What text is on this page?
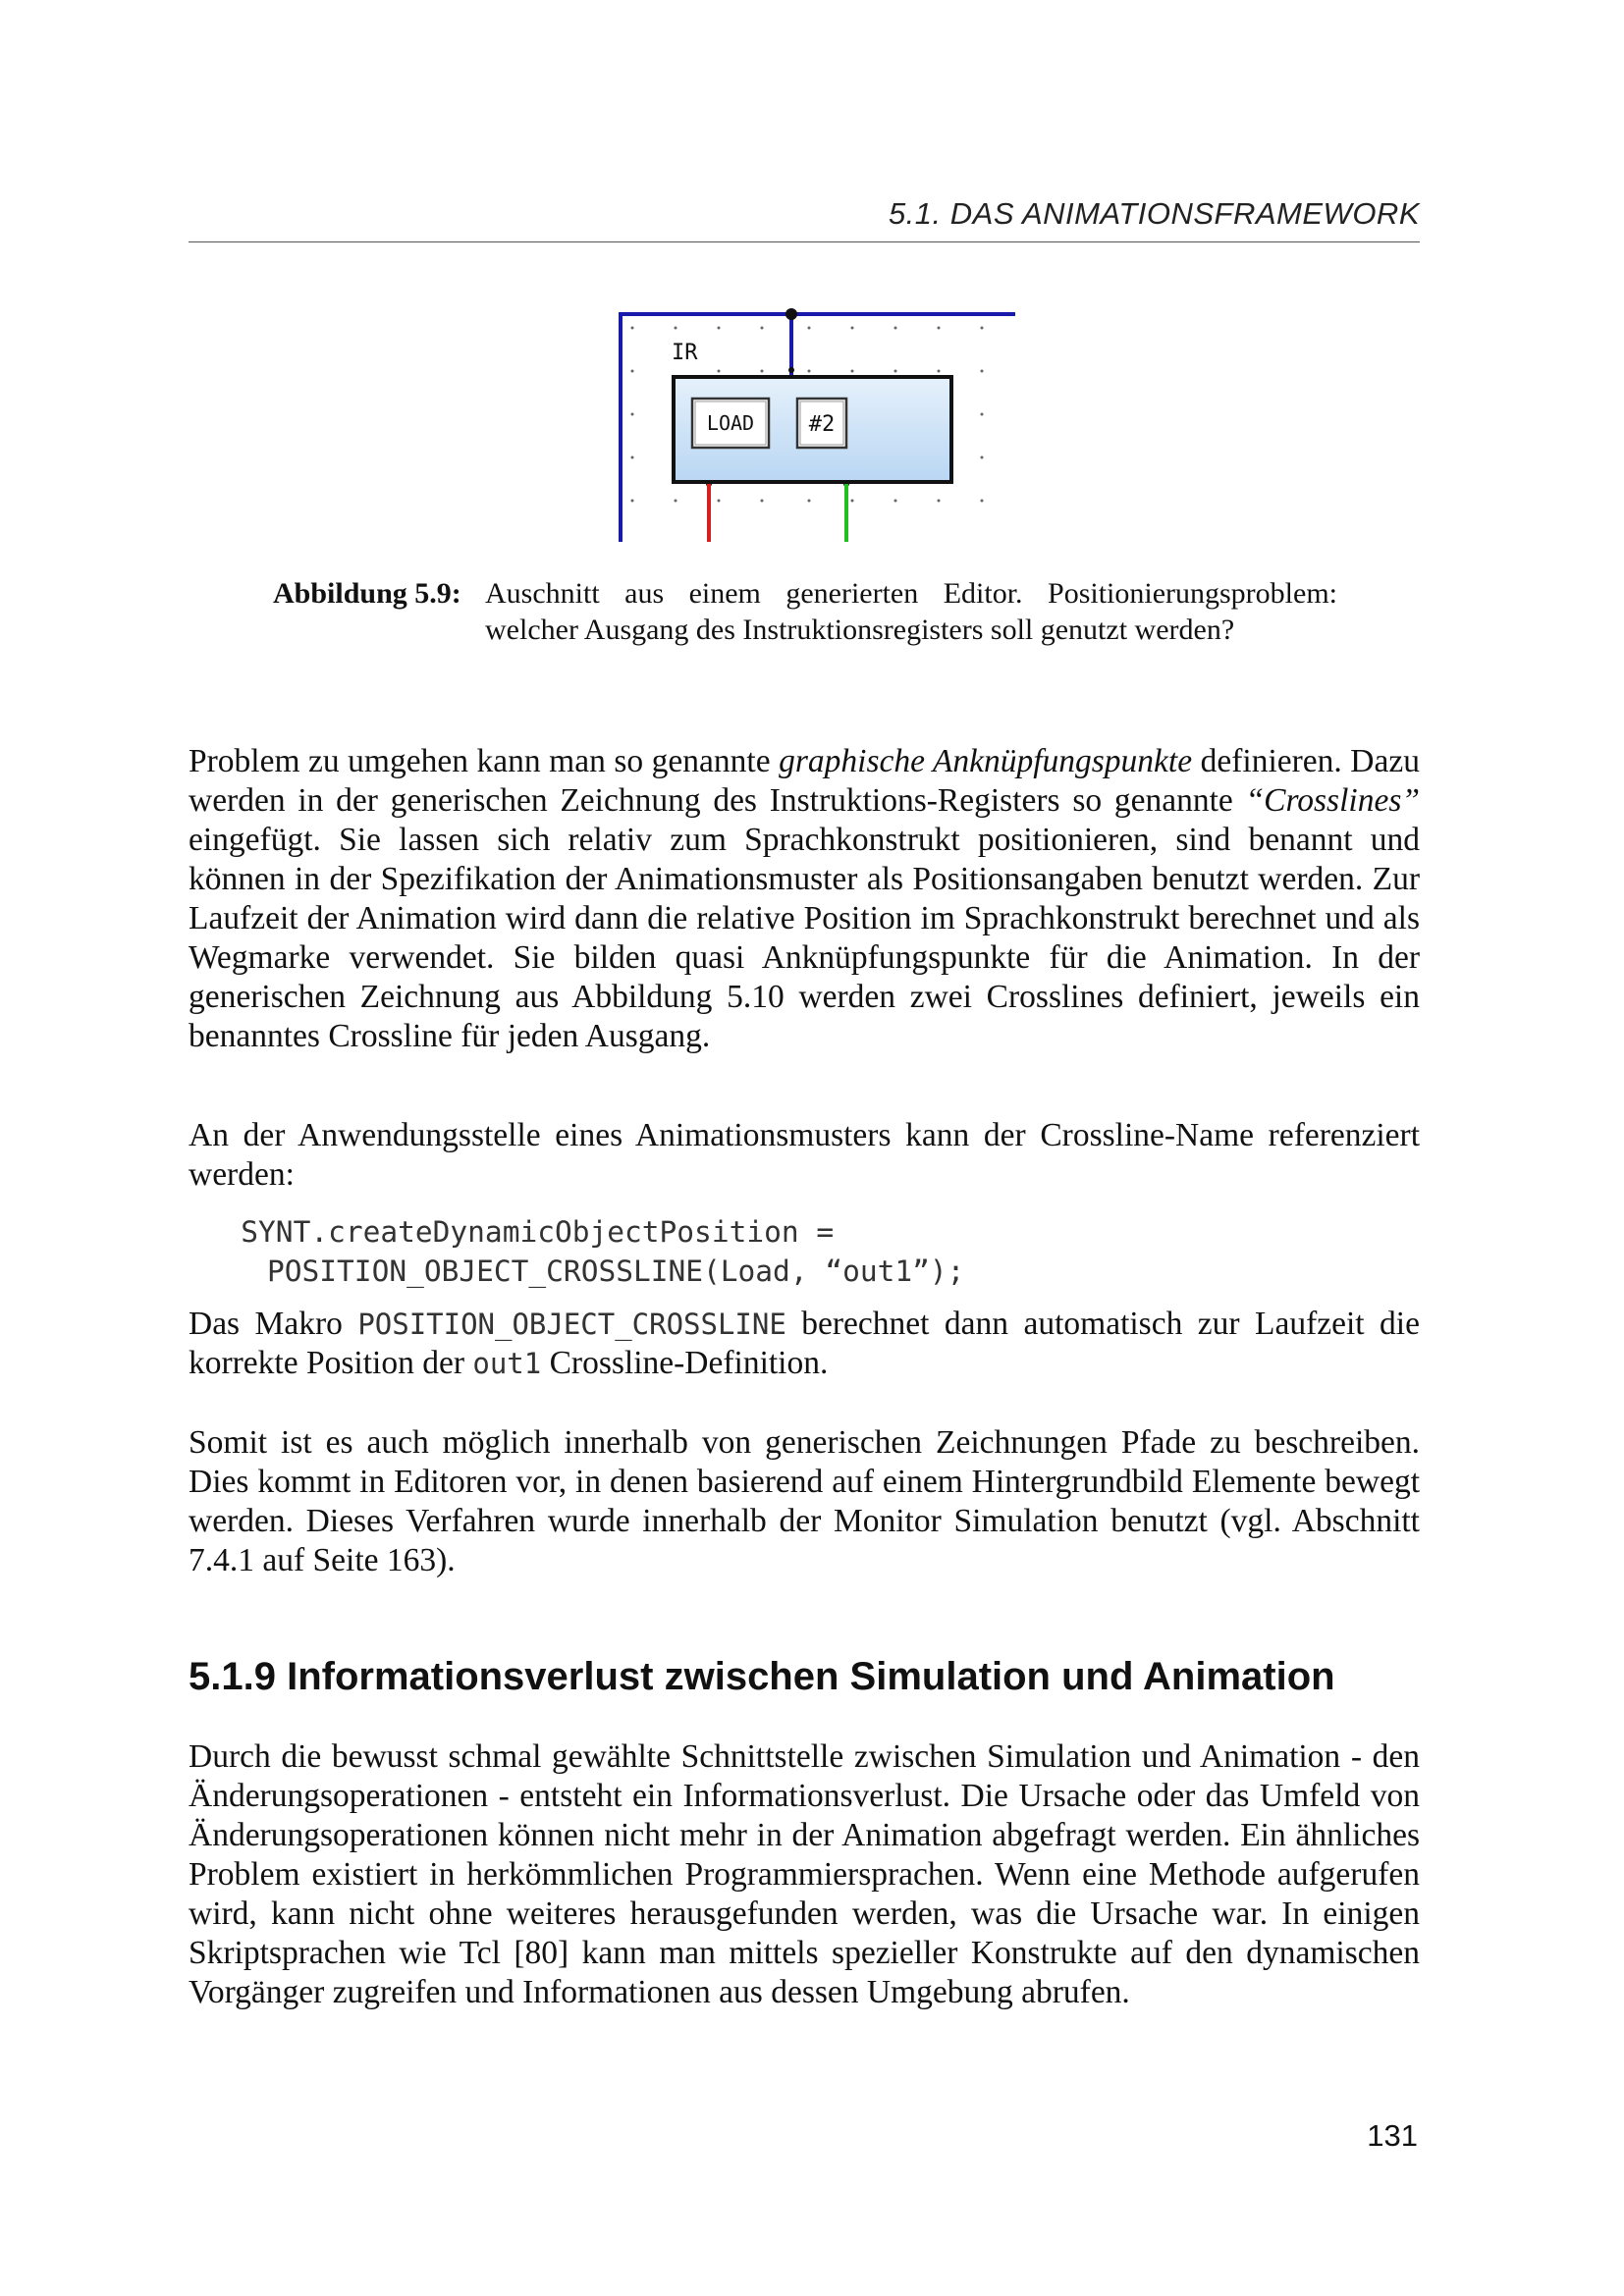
5.1. DAS ANIMATIONSFRAMEWORK
IR
LOAD	#2
Abbildung 5.9: Auschnitt aus einem generierten Editor. Positionierungsproblem: welcher Ausgang des Instruktionsregisters soll genutzt werden?
Problem zu umgehen kann man so genannte graphische Anknüpfungspunkte definieren. Dazu werden in der generischen Zeichnung des Instruktions-Registers so genannte “Crosslines” eingefügt. Sie lassen sich relativ zum Sprachkonstrukt positionieren, sind benannt und können in der Spezifikation der Animationsmuster als Positionsangaben benutzt werden. Zur Laufzeit der Animation wird dann die relative Position im Sprachkonstrukt berechnet und als Wegmarke verwendet. Sie bilden quasi Anknüpfungspunkte für die Animation. In der generischen Zeichnung aus Abbildung 5.10 werden zwei Crosslines definiert, jeweils ein benanntes Crossline für jeden Ausgang.
An der Anwendungsstelle eines Animationsmusters kann der Crossline-Name referenziert werden:
SYNT.createDynamicObjectPosition =
POSITION_OBJECT_CROSSLINE(Load, “out1”);
Das Makro POSITION_OBJECT_CROSSLINE berechnet dann automatisch zur Laufzeit die korrekte Position der out1 Crossline-Definition.
Somit ist es auch möglich innerhalb von generischen Zeichnungen Pfade zu beschreiben. Dies kommt in Editoren vor, in denen basierend auf einem Hintergrundbild Elemente bewegt werden. Dieses Verfahren wurde innerhalb der Monitor Simulation benutzt (vgl. Abschnitt 7.4.1 auf Seite 163).
5.1.9 Informationsverlust zwischen Simulation und Animation
Durch die bewusst schmal gewählte Schnittstelle zwischen Simulation und Animation - den Änderungsoperationen - entsteht ein Informationsverlust. Die Ursache oder das Umfeld von Änderungsoperationen können nicht mehr in der Animation abgefragt werden. Ein ähnliches Problem existiert in herkömmlichen Programmiersprachen. Wenn eine Methode aufgerufen wird, kann nicht ohne weiteres herausgefunden werden, was die Ursache war. In einigen Skriptsprachen wie Tcl [80] kann man mittels spezieller Konstrukte auf den dynamischen Vorgänger zugreifen und Informationen aus dessen Umgebung abrufen.
131
